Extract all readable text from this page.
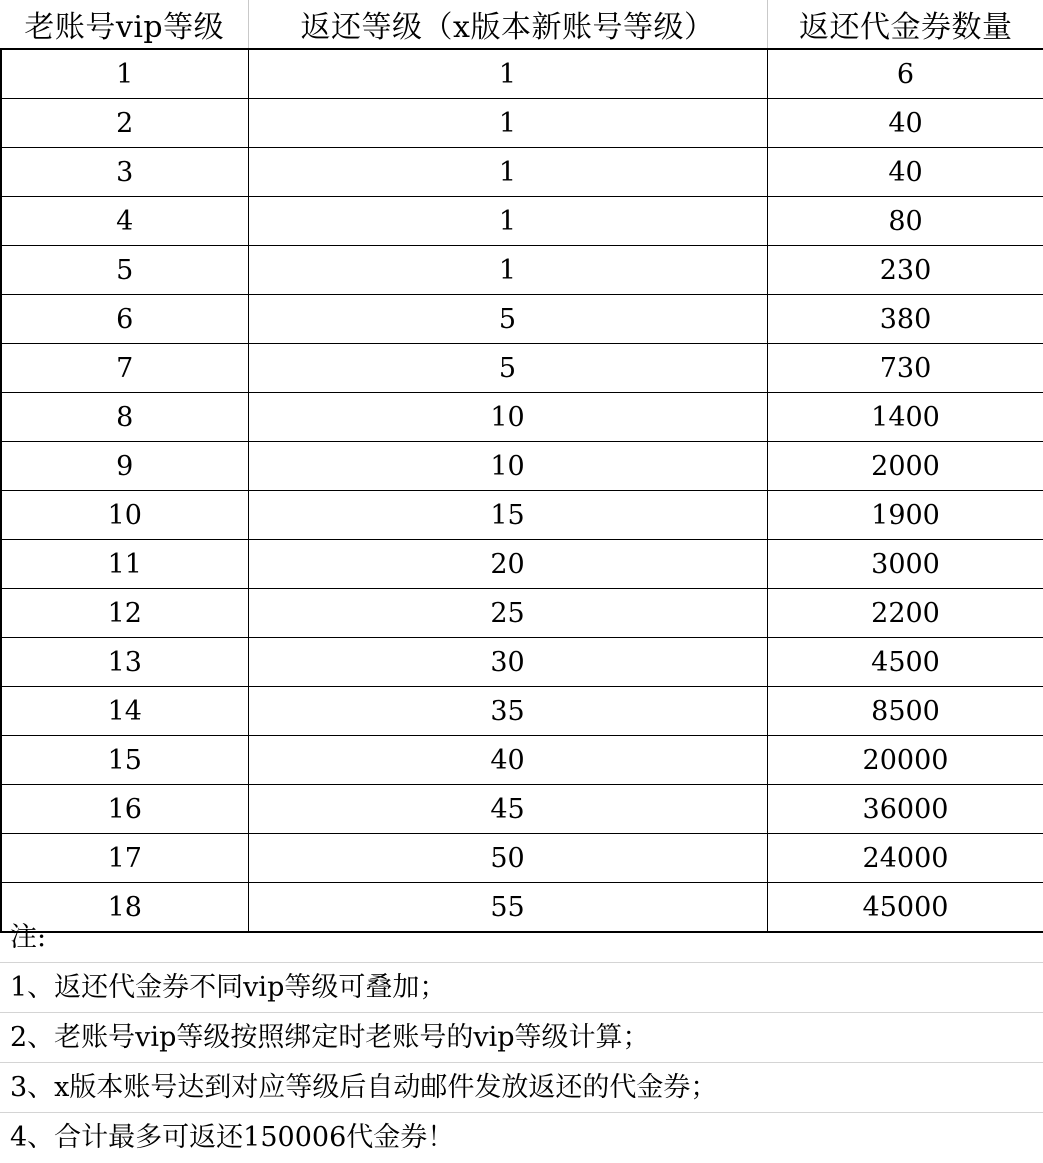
老账号vip等级	返还等级（x版本新账号等级）	返还代金券数量
1	1	6
2	1	40
3	1	40
4	1	80
5	1	230
6	5	380
7	5	730
8	10	1400
9	10	2000
10	15	1900
11	20	3000
12	25	2200
13	30	4500
14	35	8500
15	40	20000
16	45	36000
17	50	24000
18	55	45000
注:
1、返还代金券不同vip等级可叠加；
2、老账号vip等级按照绑定时老账号的vip等级计算；
3、x版本账号达到对应等级后自动邮件发放返还的代金券；
4、合计最多可返还150006代金券！
